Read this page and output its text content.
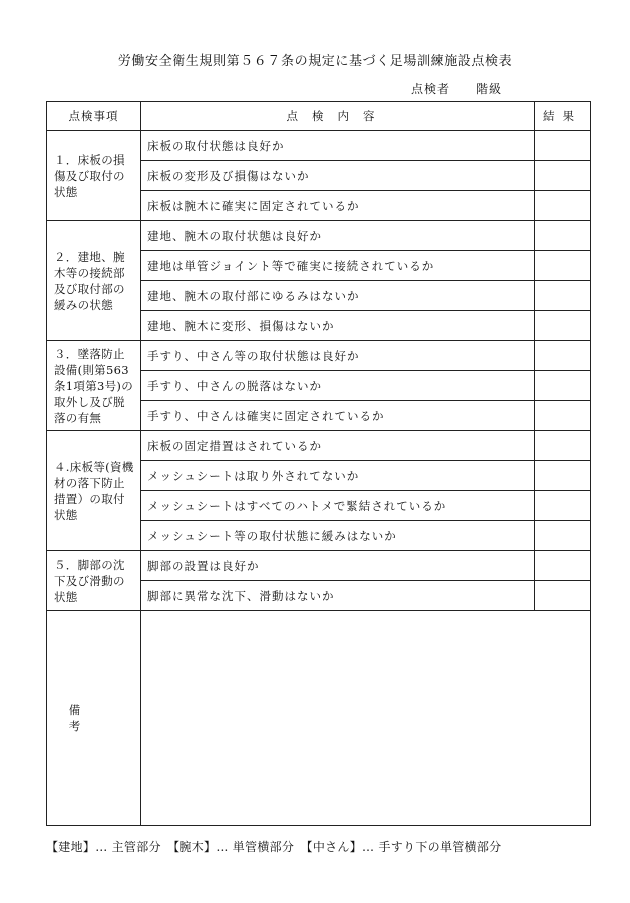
労働安全衛生規則第５６７条の規定に基づく足場訓練施設点検表
点検者　　階級
点検事項	点検内容	結果
１．床板の損傷及び取付の状態	床板の取付状態は良好か	
	床板の変形及び損傷はないか	
	床板は腕木に確実に固定されているか	
２．建地、腕木等の接続部及び取付部の緩みの状態	建地、腕木の取付状態は良好か	
	建地は単管ジョイント等で確実に接続されているか	
	建地、腕木の取付部にゆるみはないか	
	建地、腕木に変形、損傷はないか	
３．墜落防止設備(則第563条1項第3号)の取外し及び脱落の有無	手すり、中さん等の取付状態は良好か	
	手すり、中さんの脱落はないか	
	手すり、中さんは確実に固定されているか	
４.床板等(資機材の落下防止措置）の取付状態	床板の固定措置はされているか	
	メッシュシートは取り外されてないか	
	メッシュシートはすべてのハトメで緊結されているか	
	メッシュシート等の取付状態に緩みはないか	
５．脚部の沈下及び滑動の状態	脚部の設置は良好か	
	脚部に異常な沈下、滑動はないか	
備考		
【建地】… 主管部分　【腕木】… 単管横部分　【中さん】… 手すり下の単管横部分
